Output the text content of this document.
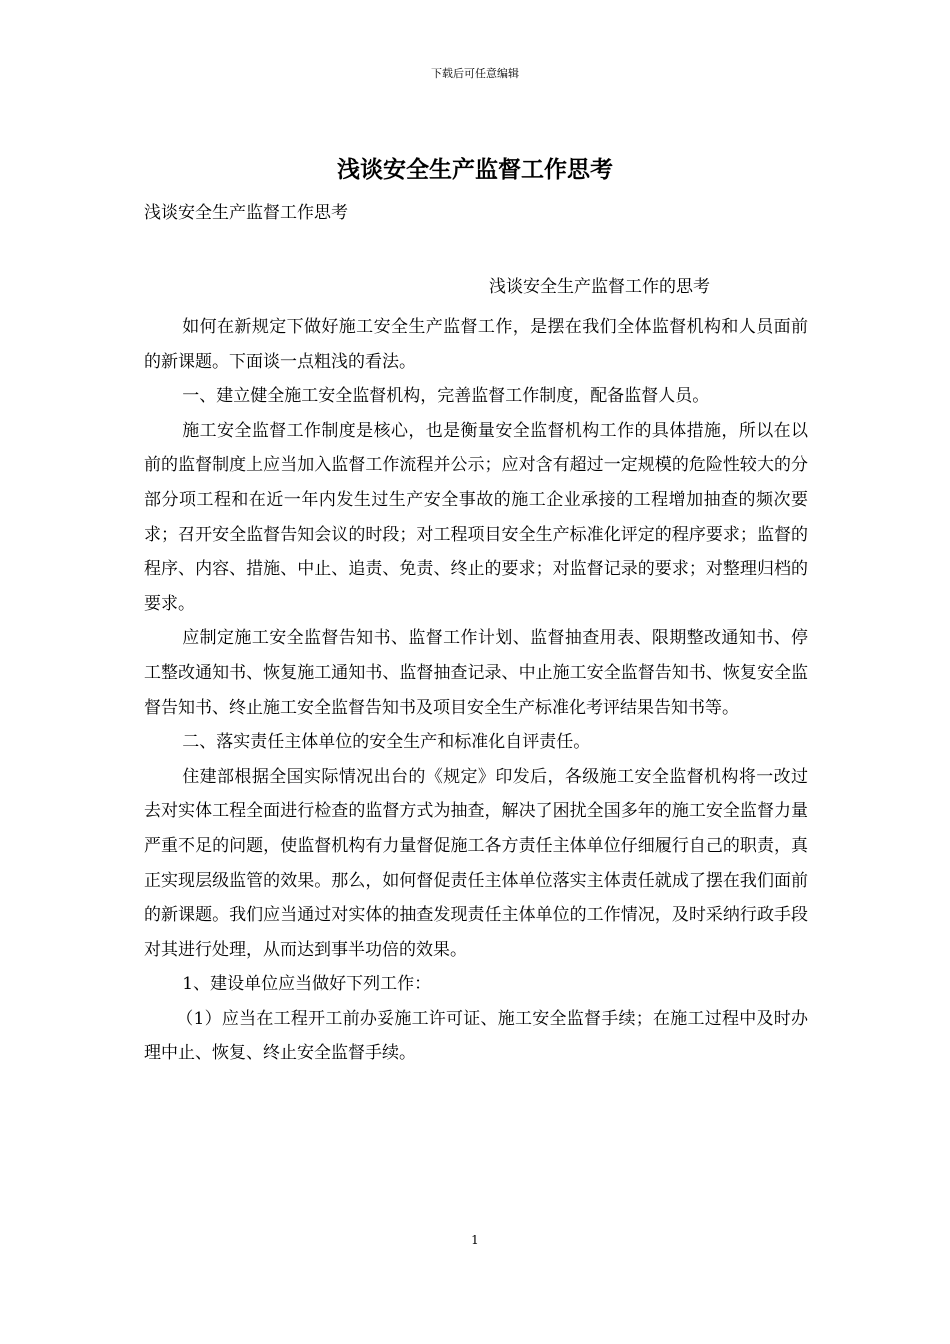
下载后可任意编辑
浅谈安全生产监督工作思考
浅谈安全生产监督工作思考
浅谈安全生产监督工作的思考

如何在新规定下做好施工安全生产监督工作，是摆在我们全体监督机构和人员面前的新课题。下面谈一点粗浅的看法。

一、建立健全施工安全监督机构，完善监督工作制度，配备监督人员。

施工安全监督工作制度是核心，也是衡量安全监督机构工作的具体措施，所以在以前的监督制度上应当加入监督工作流程并公示；应对含有超过一定规模的危险性较大的分部分项工程和在近一年内发生过生产安全事故的施工企业承接的工程增加抽查的频次要求；召开安全监督告知会议的时段；对工程项目安全生产标准化评定的程序要求；监督的程序、内容、措施、中止、追责、免责、终止的要求；对监督记录的要求；对整理归档的要求。

应制定施工安全监督告知书、监督工作计划、监督抽查用表、限期整改通知书、停工整改通知书、恢复施工通知书、监督抽查记录、中止施工安全监督告知书、恢复安全监督告知书、终止施工安全监督告知书及项目安全生产标准化考评结果告知书等。

二、落实责任主体单位的安全生产和标准化自评责任。

住建部根据全国实际情况出台的《规定》印发后，各级施工安全监督机构将一改过去对实体工程全面进行检查的监督方式为抽查，解决了困扰全国多年的施工安全监督力量严重不足的问题，使监督机构有力量督促施工各方责任主体单位仔细履行自己的职责，真正实现层级监管的效果。那么，如何督促责任主体单位落实主体责任就成了摆在我们面前的新课题。我们应当通过对实体的抽查发现责任主体单位的工作情况，及时采纳行政手段对其进行处理，从而达到事半功倍的效果。

1、建设单位应当做好下列工作：

（1）应当在工程开工前办妥施工许可证、施工安全监督手续；在施工过程中及时办理中止、恢复、终止安全监督手续。

1
